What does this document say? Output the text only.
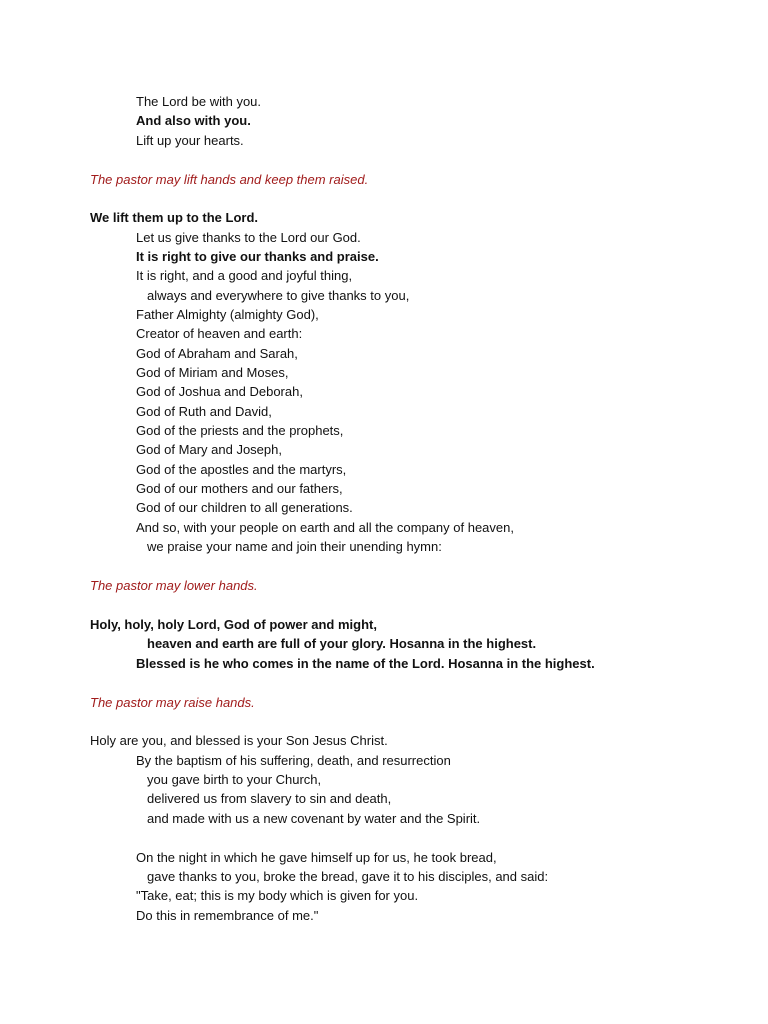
The Lord be with you.
And also with you.
Lift up your hearts.
The pastor may lift hands and keep them raised.
We lift them up to the Lord.
Let us give thanks to the Lord our God.
It is right to give our thanks and praise.
It is right, and a good and joyful thing,
always and everywhere to give thanks to you,
Father Almighty (almighty God),
Creator of heaven and earth:
God of Abraham and Sarah,
God of Miriam and Moses,
God of Joshua and Deborah,
God of Ruth and David,
God of the priests and the prophets,
God of Mary and Joseph,
God of the apostles and the martyrs,
God of our mothers and our fathers,
God of our children to all generations.
And so, with your people on earth and all the company of heaven,
we praise your name and join their unending hymn:
The pastor may lower hands.
Holy, holy, holy Lord, God of power and might,
heaven and earth are full of your glory. Hosanna in the highest.
Blessed is he who comes in the name of the Lord. Hosanna in the highest.
The pastor may raise hands.
Holy are you, and blessed is your Son Jesus Christ.
By the baptism of his suffering, death, and resurrection
you gave birth to your Church,
delivered us from slavery to sin and death,
and made with us a new covenant by water and the Spirit.
On the night in which he gave himself up for us, he took bread,
gave thanks to you, broke the bread, gave it to his disciples, and said:
"Take, eat; this is my body which is given for you.
Do this in remembrance of me."
